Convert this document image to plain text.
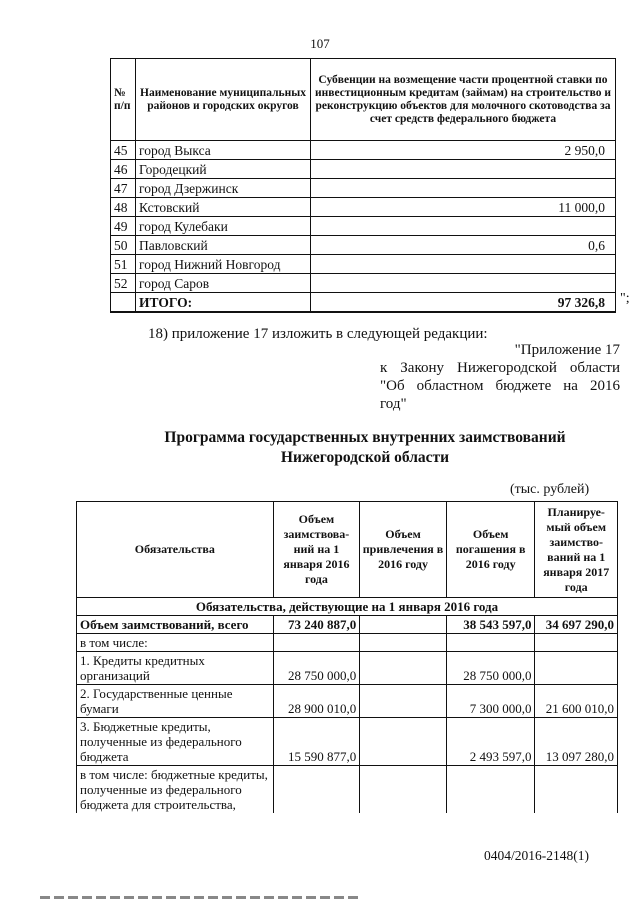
107
№ п/п	Наименование муниципальных районов и городских округов	Субвенции на возмещение части процентной ставки по инвестиционным кредитам (займам) на строительство и реконструкцию объектов для молочного скотоводства за счет средств федерального бюджета
45	город Выкса	2 950,0
46	Городецкий	
47	город Дзержинск	
48	Кстовский	11 000,0
49	город Кулебаки	
50	Павловский	0,6
51	город Нижний Новгород	
52	город Саров	
	ИТОГО:	97 326,8 ";
18) приложение 17 изложить в следующей редакции:
"Приложение 17
к Закону Нижегородской области
"Об областном бюджете на 2016
год"
Программа государственных внутренних заимствований
Нижегородской области
(тыс. рублей)
Обязательства	Объем заимствова-ний на 1 января 2016 года	Объем привлечения в 2016 году	Объем погашения в 2016 году	Планируе-мый объем заимство-ваний на 1 января 2017 года
Обязательства, действующие на 1 января 2016 года				
Объем заимствований, всего	73 240 887,0		38 543 597,0	34 697 290,0
в том числе:				
1. Кредиты кредитных организаций	28 750 000,0		28 750 000,0	
2. Государственные ценные бумаги	28 900 010,0		7 300 000,0	21 600 010,0
3. Бюджетные кредиты, полученные из федерального бюджета	15 590 877,0		2 493 597,0	13 097 280,0
в том числе: бюджетные кредиты, полученные из федерального бюджета для строительства,				
0404/2016-2148(1)
